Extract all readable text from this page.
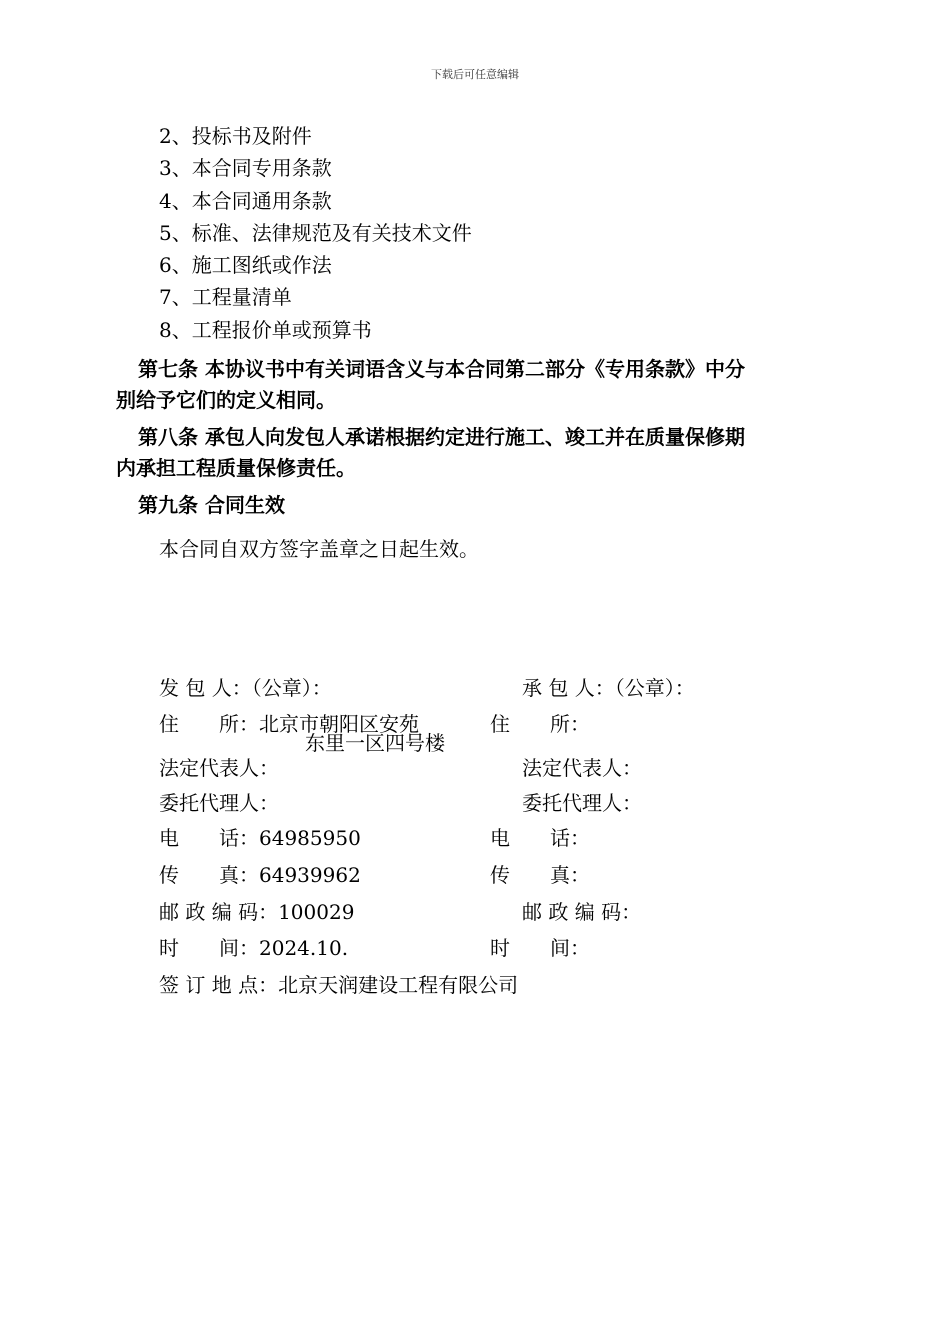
下载后可任意编辑
2、投标书及附件
3、本合同专用条款
4、本合同通用条款
5、标准、法律规范及有关技术文件
6、施工图纸或作法
7、工程量清单
8、工程报价单或预算书
第七条 本协议书中有关词语含义与本合同第二部分《专用条款》中分
别给予它们的定义相同。
第八条 承包人向发包人承诺根据约定进行施工、竣工并在质量保修期
内承担工程质量保修责任。
第九条 合同生效
本合同自双方签字盖章之日起生效。
发 包 人：（公章）：
住　　所：北京市朝阳区安苑
东里一区四号楼
法定代表人：
委托代理人：
电　　话：64985950
传　　真：64939962
邮 政 编 码：100029
时　　间：2024.10.
签 订 地 点：北京天润建设工程有限公司
承 包 人：（公章）：
住　　所：
法定代表人：
委托代理人：
电　　话：
传　　真：
邮 政 编 码：
时　　间：
